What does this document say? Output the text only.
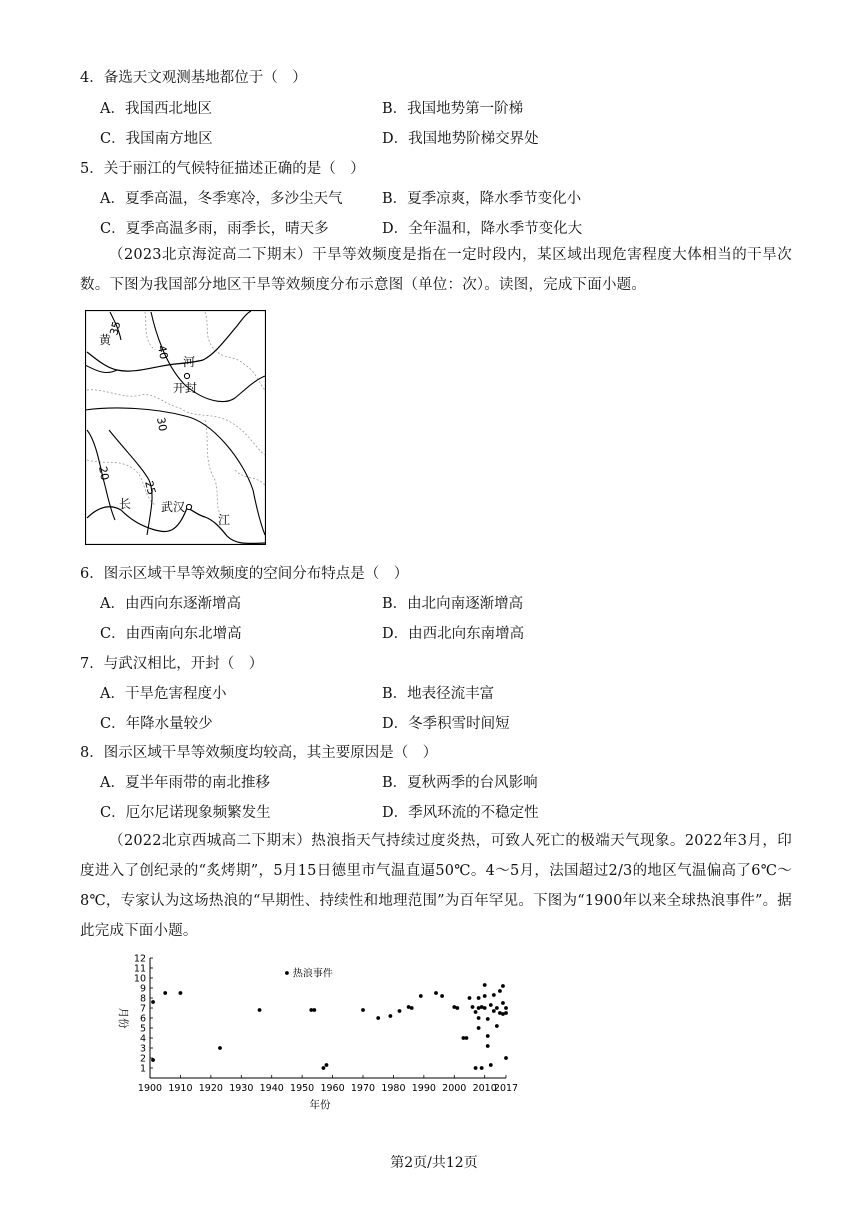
4．备选天文观测基地都位于（　）
A．我国西北地区	B．我国地势第一阶梯
C．我国南方地区	D．我国地势阶梯交界处
5．关于丽江的气候特征描述正确的是（　）
A．夏季高温，冬季寒冷，多沙尘天气	B．夏季凉爽，降水季节变化小
C．夏季高温多雨，雨季长，晴天多	D．全年温和，降水季节变化大
（2023北京海淀高二下期末）干旱等效频度是指在一定时段内，某区域出现危害程度大体相当的干旱次数。下图为我国部分地区干旱等效频度分布示意图（单位：次）。读图，完成下面小题。
35
40
30
25
20
黄
河
开封
长 武汉
江
6．图示区域干旱等效频度的空间分布特点是（　）
A．由西向东逐渐增高	B．由北向南逐渐增高
C．由西南向东北增高	D．由西北向东南增高
7．与武汉相比，开封（　）
A．干旱危害程度小	B．地表径流丰富
C．年降水量较少	D．冬季积雪时间短
8．图示区域干旱等效频度均较高，其主要原因是（　）
A．夏半年雨带的南北推移	B．夏秋两季的台风影响
C．厄尔尼诺现象频繁发生	D．季风环流的不稳定性
（2022北京西城高二下期末）热浪指天气持续过度炎热，可致人死亡的极端天气现象。2022年3月，印度进入了创纪录的“炙烤期”，5月15日德里市气温直逼50℃。4～5月，法国超过2/3的地区气温偏高了6℃～8℃，专家认为这场热浪的“早期性、持续性和地理范围”为百年罕见。下图为“1900年以来全球热浪事件”。据此完成下面小题。
1
2
3
4
5
6
7
8
9
10
11
12
1900 1910 1920 1930 1940 1950 1960 1970 1980 1990 2000 2010
2017
热浪事件
月份
年份
第2页/共12页
